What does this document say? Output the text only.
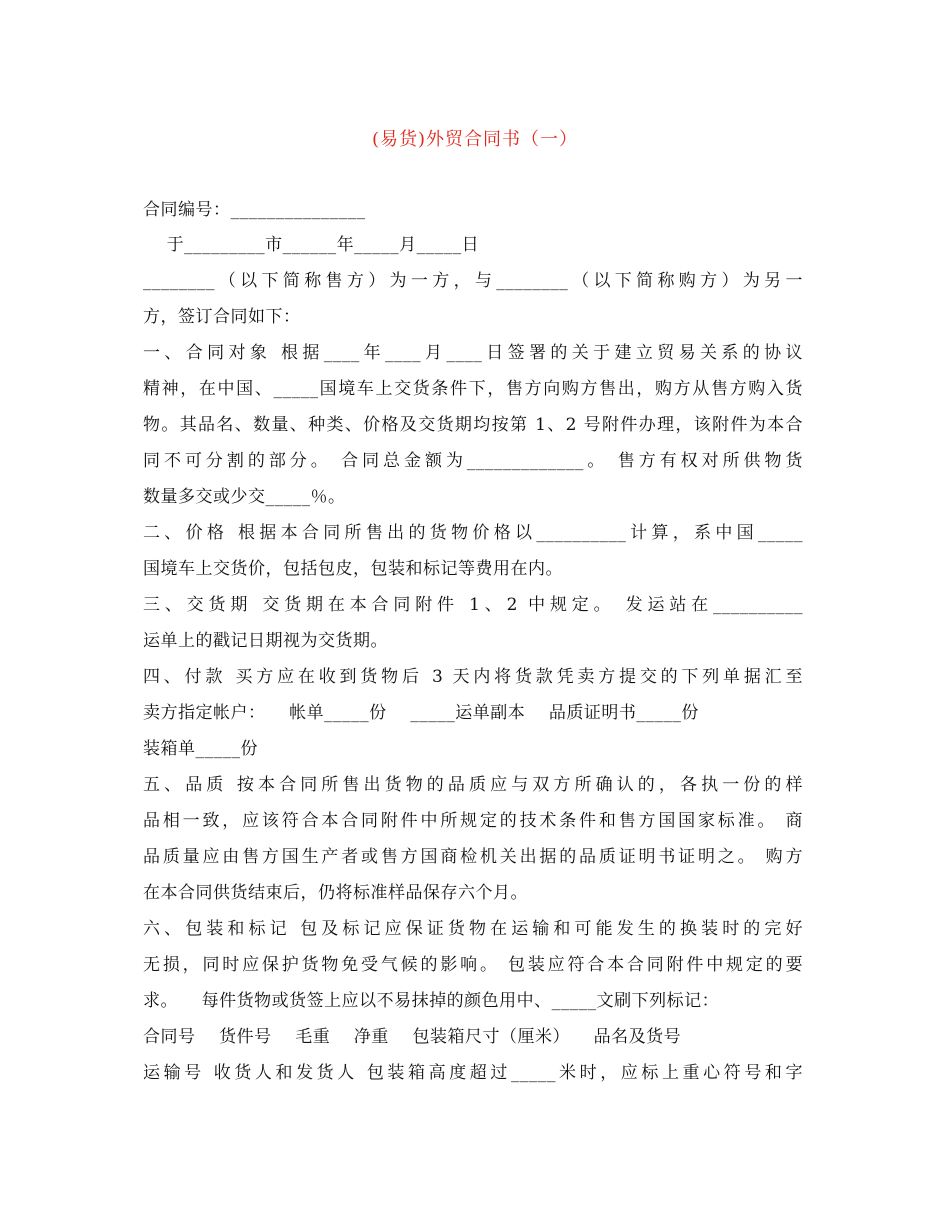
(易货)外贸合同书（一）
合同编号：_______________
于_________市______年_____月_____日
________（以下简称售方）为一方，与________（以下简称购方）为另一
方，签订合同如下：
一、合同对象 根据____年____月____日签署的关于建立贸易关系的协议
精神，在中国、_____国境车上交货条件下，售方向购方售出，购方从售方购入货
物。其品名、数量、种类、价格及交货期均按第 1、2 号附件办理，该附件为本合
同不可分割的部分。 合同总金额为_____________。 售方有权对所供物货
数量多交或少交_____％。
二、价格 根据本合同所售出的货物价格以__________计算，系中国_____
国境车上交货价，包括包皮，包装和标记等费用在内。
三、交货期 交货期在本合同附件 1、2 中规定。 发运站在__________
运单上的戳记日期视为交货期。
四、付款 买方应在收到货物后 3 天内将货款凭卖方提交的下列单据汇至
卖方指定帐户：    帐单_____份    _____运单副本    品质证明书_____份
装箱单_____份
五、品质 按本合同所售出货物的品质应与双方所确认的，各执一份的样
品相一致，应该符合本合同附件中所规定的技术条件和售方国国家标准。 商
品质量应由售方国生产者或售方国商检机关出据的品质证明书证明之。 购方
在本合同供货结束后，仍将标准样品保存六个月。
六、包装和标记 包及标记应保证货物在运输和可能发生的换装时的完好
无损，同时应保护货物免受气候的影响。 包装应符合本合同附件中规定的要
求。    每件货物或货签上应以不易抹掉的颜色用中、_____文刷下列标记：
合同号    货件号    毛重    净重    包装箱尺寸（厘米）    品名及货号
运输号 收货人和发货人 包装箱高度超过_____米时，应标上重心符号和字
